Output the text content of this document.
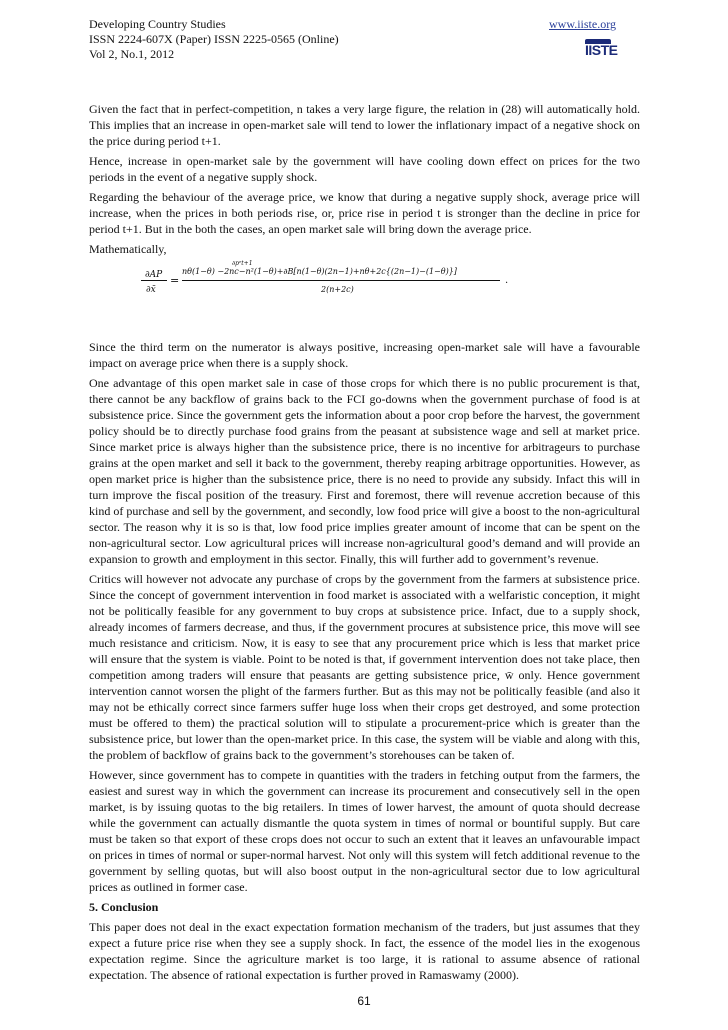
Developing Country Studies
ISSN 2224-607X (Paper) ISSN 2225-0565 (Online)
Vol 2, No.1, 2012
www.iiste.org
IISTE

Given the fact that in perfect-competition, n takes a very large figure, the relation in (28) will automatically hold. This implies that an increase in open-market sale will tend to lower the inflationary impact of a negative shock on the price during period t+1.

Hence, increase in open-market sale by the government will have cooling down effect on prices for the two periods in the event of a negative supply shock.

Regarding the behaviour of the average price, we know that during a negative supply shock, average price will increase, when the prices in both periods rise, or, price rise in period t is stronger than the decline in price for period t+1. But in the both the cases, an open market sale will bring down the average price.

Mathematically,

∂AP
∂x̄
=
nθ(1−θ) −2nc−n²(1−θ)+∂B[n(1−θ)(2n−1)+nθ+2c{(2n−1)−(1−θ)}]
∂pᵉt+1
2(n+2c)
.

Since the third term on the numerator is always positive, increasing open-market sale will have a favourable impact on average price when there is a supply shock.

One advantage of this open market sale in case of those crops for which there is no public procurement is that, there cannot be any backflow of grains back to the FCI go-downs when the government purchase of food is at subsistence price. Since the government gets the information about a poor crop before the harvest, the government policy should be to directly purchase food grains from the peasant at subsistence wage and sell at market price. Since market price is always higher than the subsistence price, there is no incentive for arbitrageurs to purchase grains at the open market and sell it back to the government, thereby reaping arbitrage opportunities. However, as open market price is higher than the subsistence price, there is no need to provide any subsidy. Infact this will in turn improve the fiscal position of the treasury. First and foremost, there will revenue accretion because of this kind of purchase and sell by the government, and secondly, low food price will give a boost to the non-agricultural sector. The reason why it is so is that, low food price implies greater amount of income that can be spent on the non-agricultural sector. Low agricultural prices will increase non-agricultural good’s demand and will provide an expansion to growth and employment in this sector. Finally, this will further add to government’s revenue.

Critics will however not advocate any purchase of crops by the government from the farmers at subsistence price. Since the concept of government intervention in food market is associated with a welfaristic conception, it might not be politically feasible for any government to buy crops at subsistence price. Infact, due to a supply shock, already incomes of farmers decrease, and thus, if the government procures at subsistence price, this move will see much resistance and criticism. Now, it is easy to see that any procurement price which is less that market price will ensure that the system is viable. Point to be noted is that, if government intervention does not take place, then competition among traders will ensure that peasants are getting subsistence price, w̄ only. Hence government intervention cannot worsen the plight of the farmers further. But as this may not be politically feasible (and also it may not be ethically correct since farmers suffer huge loss when their crops get destroyed, and some protection must be offered to them) the practical solution will to stipulate a procurement-price which is greater than the subsistence price, but lower than the open-market price. In this case, the system will be viable and along with this, the problem of backflow of grains back to the government’s storehouses can be taken of.

However, since government has to compete in quantities with the traders in fetching output from the farmers, the easiest and surest way in which the government can increase its procurement and consecutively sell in the open market, is by issuing quotas to the big retailers. In times of lower harvest, the amount of quota should decrease while the government can actually dismantle the quota system in times of normal or bountiful supply. But care must be taken so that export of these crops does not occur to such an extent that it leaves an unfavourable impact on prices in times of normal or super-normal harvest. Not only will this system will fetch additional revenue to the government by selling quotas, but will also boost output in the non-agricultural sector due to low agricultural prices as outlined in former case.

5. Conclusion

This paper does not deal in the exact expectation formation mechanism of the traders, but just assumes that they expect a future price rise when they see a supply shock. In fact, the essence of the model lies in the exogenous expectation regime. Since the agriculture market is too large, it is rational to assume absence of rational expectation. The absence of rational expectation is further proved in Ramaswamy (2000).

61
